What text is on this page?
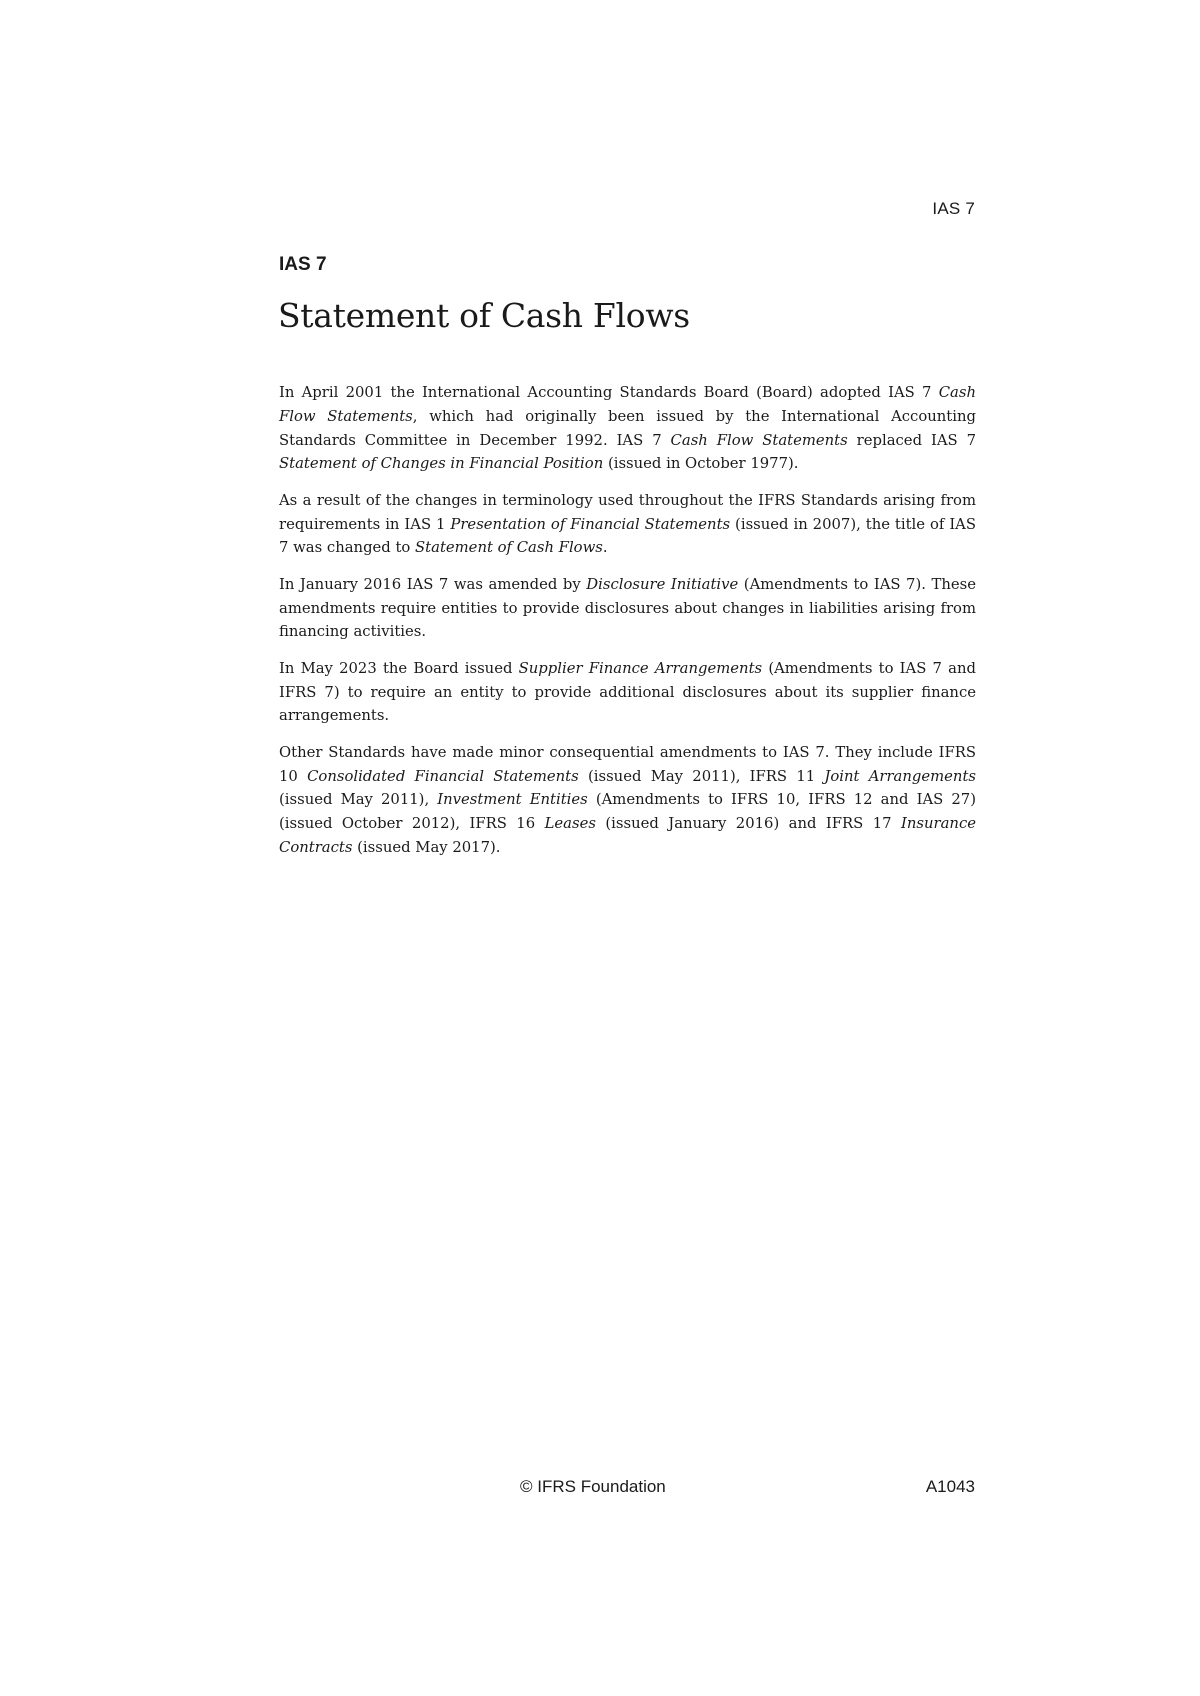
IAS 7
IAS 7
Statement of Cash Flows

In April 2001 the International Accounting Standards Board (Board) adopted IAS 7 Cash Flow Statements, which had originally been issued by the International Accounting Standards Committee in December 1992. IAS 7 Cash Flow Statements replaced IAS 7 Statement of Changes in Financial Position (issued in October 1977).

As a result of the changes in terminology used throughout the IFRS Standards arising from requirements in IAS 1 Presentation of Financial Statements (issued in 2007), the title of IAS 7 was changed to Statement of Cash Flows.

In January 2016 IAS 7 was amended by Disclosure Initiative (Amendments to IAS 7). These amendments require entities to provide disclosures about changes in liabilities arising from financing activities.

In May 2023 the Board issued Supplier Finance Arrangements (Amendments to IAS 7 and IFRS 7) to require an entity to provide additional disclosures about its supplier finance arrangements.

Other Standards have made minor consequential amendments to IAS 7. They include IFRS 10 Consolidated Financial Statements (issued May 2011), IFRS 11 Joint Arrangements (issued May 2011), Investment Entities (Amendments to IFRS 10, IFRS 12 and IAS 27) (issued October 2012), IFRS 16 Leases (issued January 2016) and IFRS 17 Insurance Contracts (issued May 2017).

© IFRS Foundation	A1043
